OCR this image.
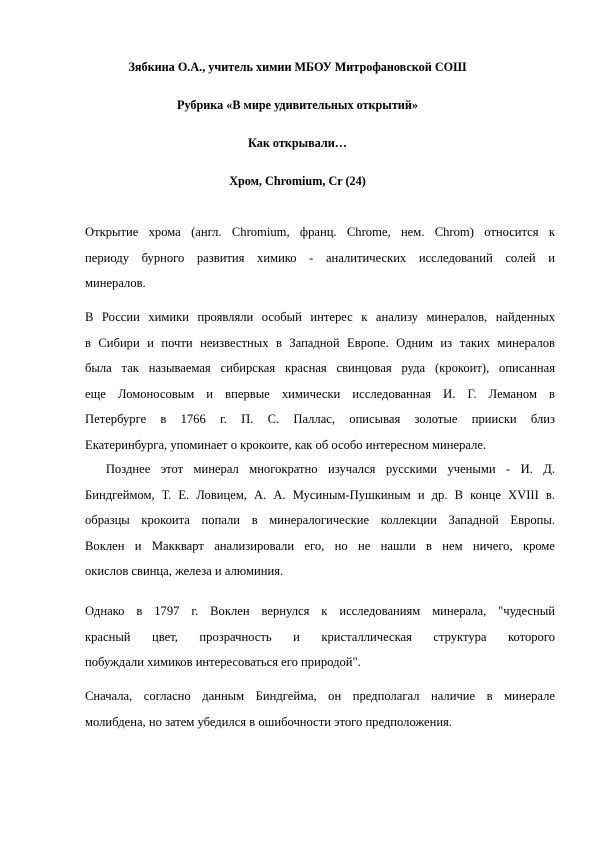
Зябкина О.А., учитель химии МБОУ Митрофановской СОШ
Рубрика «В мире удивительных открытий»
Как открывали…
Хром, Chromium, Cr (24)
Открытие хрома (англ. Chromium, франц. Chrome, нем. Chrom) относится к
периоду бурного развития химико - аналитических исследований солей и
минералов.
В России химики проявляли особый интерес к анализу минералов, найденных
в Сибири и почти неизвестных в Западной Европе. Одним из таких минералов
была так называемая сибирская красная свинцовая руда (крокоит), описанная
еще Ломоносовым и впервые химически исследованная И. Г. Леманом в
Петербурге в 1766 г. П. С. Паллас, описывая золотые прииски близ
Екатеринбурга, упоминает о крокоите, как об особо интересном минерале.
Позднее этот минерал многократно изучался русскими учеными - И. Д.
Биндгеймом, Т. Е. Ловицем, А. А. Мусиным-Пушкиным и др. В конце XVIII в.
образцы крокоита попали в минералогические коллекции Западной Европы.
Воклен и Маккварт анализировали его, но не нашли в нем ничего, кроме
окислов свинца, железа и алюминия.
Однако в 1797 г. Воклен вернулся к исследованиям минерала, "чудесный
красный цвет, прозрачность и кристаллическая структура которого
побуждали химиков интересоваться его природой".
Сначала, согласно данным Биндгейма, он предполагал наличие в минерале
молибдена, но затем убедился в ошибочности этого предположения.
